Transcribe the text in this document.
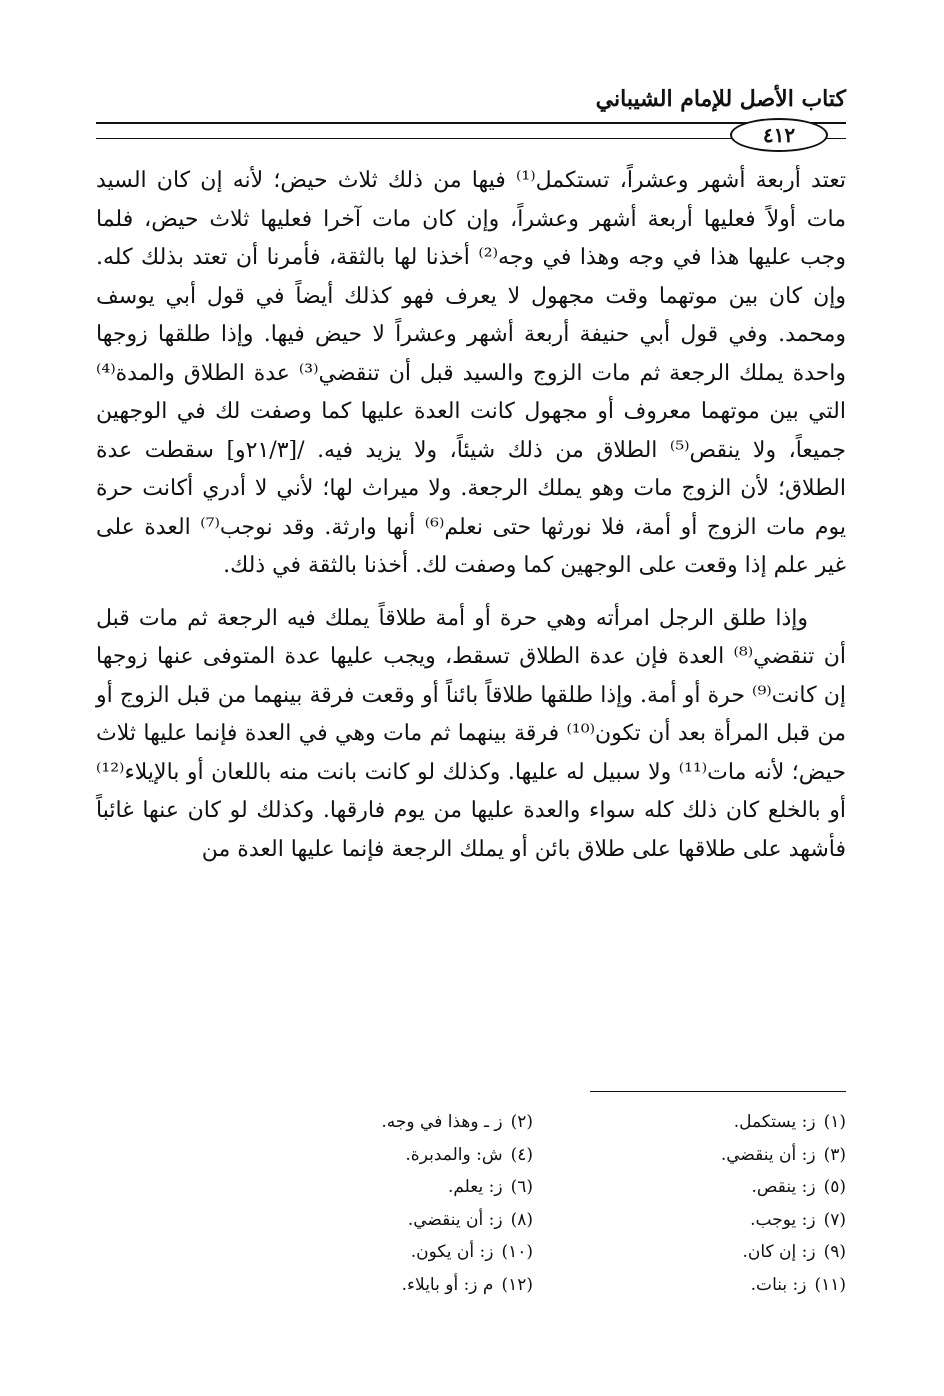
كتاب الأصل للإمام الشيباني
٤١٢

تعتد أربعة أشهر وعشراً، تستكمل⁽¹⁾ فيها من ذلك ثلاث حيض؛ لأنه إن كان السيد مات أولاً فعليها أربعة أشهر وعشراً، وإن كان مات آخرا فعليها ثلاث حيض، فلما وجب عليها هذا في وجه وهذا في وجه⁽²⁾ أخذنا لها بالثقة، فأمرنا أن تعتد بذلك كله. وإن كان بين موتهما وقت مجهول لا يعرف فهو كذلك أيضاً في قول أبي يوسف ومحمد. وفي قول أبي حنيفة أربعة أشهر وعشراً لا حيض فيها. وإذا طلقها زوجها واحدة يملك الرجعة ثم مات الزوج والسيد قبل أن تنقضي⁽³⁾ عدة الطلاق والمدة⁽⁴⁾ التي بين موتهما معروف أو مجهول كانت العدة عليها كما وصفت لك في الوجهين جميعاً، ولا ينقص⁽⁵⁾ الطلاق من ذلك شيئاً، ولا يزيد فيه. /[٢١/٣و] سقطت عدة الطلاق؛ لأن الزوج مات وهو يملك الرجعة. ولا ميراث لها؛ لأني لا أدري أكانت حرة يوم مات الزوج أو أمة، فلا نورثها حتى نعلم⁽⁶⁾ أنها وارثة. وقد نوجب⁽⁷⁾ العدة على غير علم إذا وقعت على الوجهين كما وصفت لك. أخذنا بالثقة في ذلك.

وإذا طلق الرجل امرأته وهي حرة أو أمة طلاقاً يملك فيه الرجعة ثم مات قبل أن تنقضي⁽⁸⁾ العدة فإن عدة الطلاق تسقط، ويجب عليها عدة المتوفى عنها زوجها إن كانت⁽⁹⁾ حرة أو أمة. وإذا طلقها طلاقاً بائناً أو وقعت فرقة بينهما من قبل الزوج أو من قبل المرأة بعد أن تكون⁽¹⁰⁾ فرقة بينهما ثم مات وهي في العدة فإنما عليها ثلاث حيض؛ لأنه مات⁽¹¹⁾ ولا سبيل له عليها. وكذلك لو كانت بانت منه باللعان أو بالإيلاء⁽¹²⁾ أو بالخلع كان ذلك كله سواء والعدة عليها من يوم فارقها. وكذلك لو كان عنها غائباً فأشهد على طلاقها على طلاق بائن أو يملك الرجعة فإنما عليها العدة من

(١)ز: يستكمل.
(٢)ز ـ وهذا في وجه.
(٣)ز: أن ينقضي.
(٤)ش: والمدبرة.
(٥)ز: ينقص.
(٦)ز: يعلم.
(٧)ز: يوجب.
(٨)ز: أن ينقضي.
(٩)ز: إن كان.
(١٠)ز: أن يكون.
(١١)ز: بنات.
(١٢)م ز: أو بايلاء.
